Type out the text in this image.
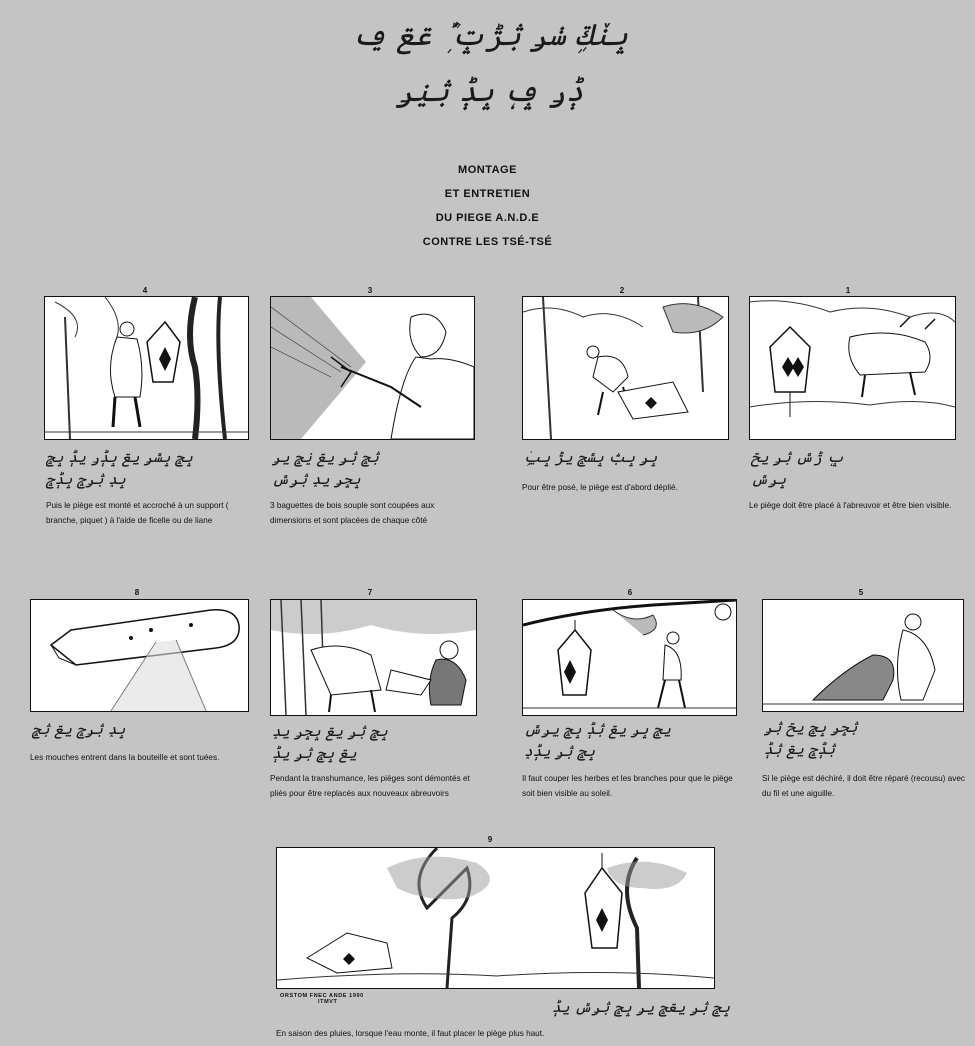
ݒݩݿܹ ݭݛ ݑݱݓ ܶܲܰ ݝݝ ݠ
ݙݛ ݡܴ ݒݙ ݑݔݛ
MONTAGE
ET ENTRETIEN
DU PIEGE A.N.D.E
CONTRE LES TSÉ-TSÉ
4	3	2	1
ݒݘ ݒݜݛ ݐݝ ݒݙݛ ݐݙ ݒݘ
ݒݚ ݑݛݘ ݒݙݘ
Puis le piège est monté et accroché à un support ( branche, piquet ) à l'aide de ficelle ou de liane
ݑݘ ݑݛ ݐݝ ݔݘ ݐݛ
ݒݘݛ ݐݚ ݑݛݜ
3 baguettes de bois souple sont coupées aux dimensions et sont placées de chaque côté
ݒݛ ݒݑ ݒݜݘ ݐݱ ݒݐܲ
Pour être posé, le piège est d'abord déplié.
ݒܴ ݱݜ ݑݛ ݐݗ
ݒݛݜ
Le piège doit être placé à l'abreuvoir et être bien visible.
8	7	6	5
ݒݚ ݑݛݘ ݐݝ ݑݘ
Les mouches entrent dans la bouteille et sont tuées.
ݒݘ ݑݛ ݐݝ ݒݘݛ ݐݚ
ݐݝ ݒݘ ݑݛ ݐݙ
Pendant la transhumance, les pièges sont démontés et pliés pour être replacés aux nouveaux abreuvoirs
ݐݘ ݒݛ ݐݝ ݑݙ ݒݘ ݐݛݜ
ݒݘ ݑݛ ݐݙݚ
Il faut couper les herbes et les branches pour que le piège soit bien visible au soleil.
ݑݘݛ ݒݘ ݐݗ ݑݛ
ݑݙݘ ݐݝ ݑݙ
Si le piège est déchiré, il doit être réparé (recousu) avec du fil et une aiguille.
9
ORSTOM FNEC ANDE 1990
ITMVT	ݒݘ ݑݛ ݐݝݘ ݐݛ ݒݘ ݑݛݜ ݐݙ
En saison des pluies, lorsque l'eau monte, il faut placer le piège plus haut.
